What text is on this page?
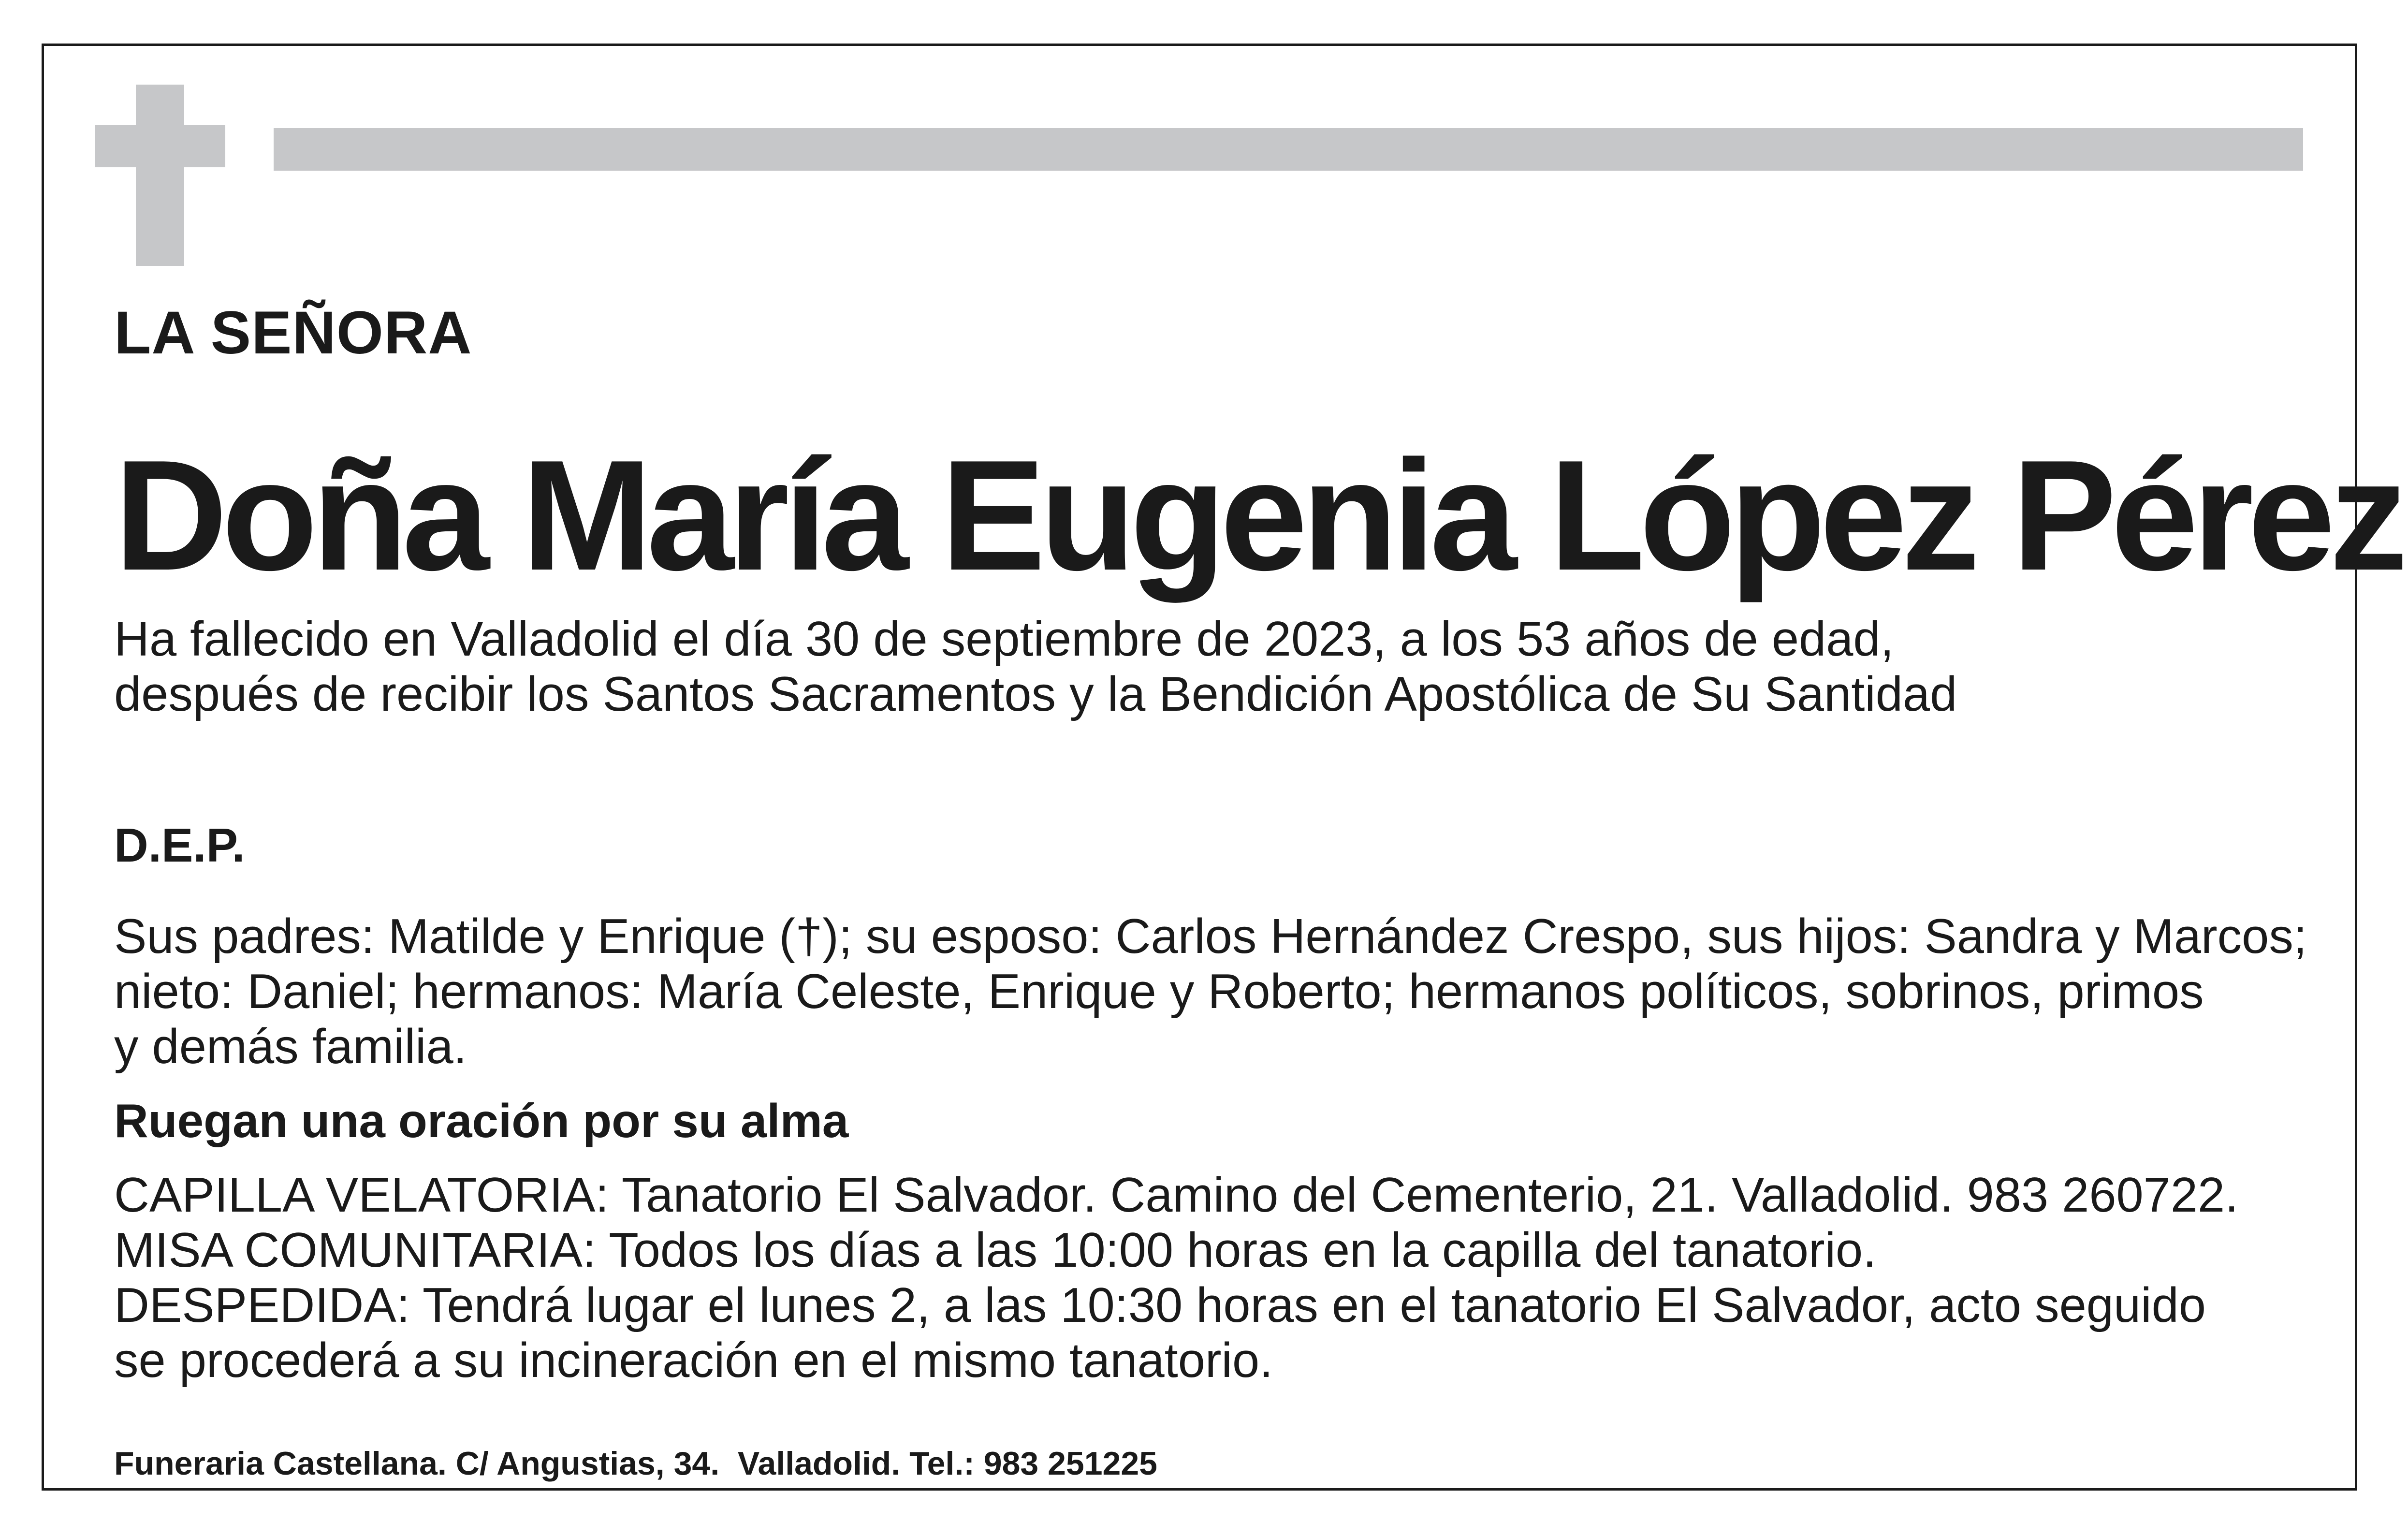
LA SEÑORA
Doña María Eugenia López Pérez
Ha fallecido en Valladolid el día 30 de septiembre de 2023, a los 53 años de edad,
después de recibir los Santos Sacramentos y la Bendición Apostólica de Su Santidad
D.E.P.
Sus padres: Matilde y Enrique (†); su esposo: Carlos Hernández Crespo, sus hijos: Sandra y Marcos;
nieto: Daniel; hermanos: María Celeste, Enrique y Roberto; hermanos políticos, sobrinos, primos
y demás familia.
Ruegan una oración por su alma
CAPILLA VELATORIA: Tanatorio El Salvador. Camino del Cementerio, 21. Valladolid. 983 260722.
MISA COMUNITARIA: Todos los días a las 10:00 horas en la capilla del tanatorio.
DESPEDIDA: Tendrá lugar el lunes 2, a las 10:30 horas en el tanatorio El Salvador, acto seguido
se procederá a su incineración en el mismo tanatorio.
Funeraria Castellana. C/ Angustias, 34.  Valladolid. Tel.: 983 251225
